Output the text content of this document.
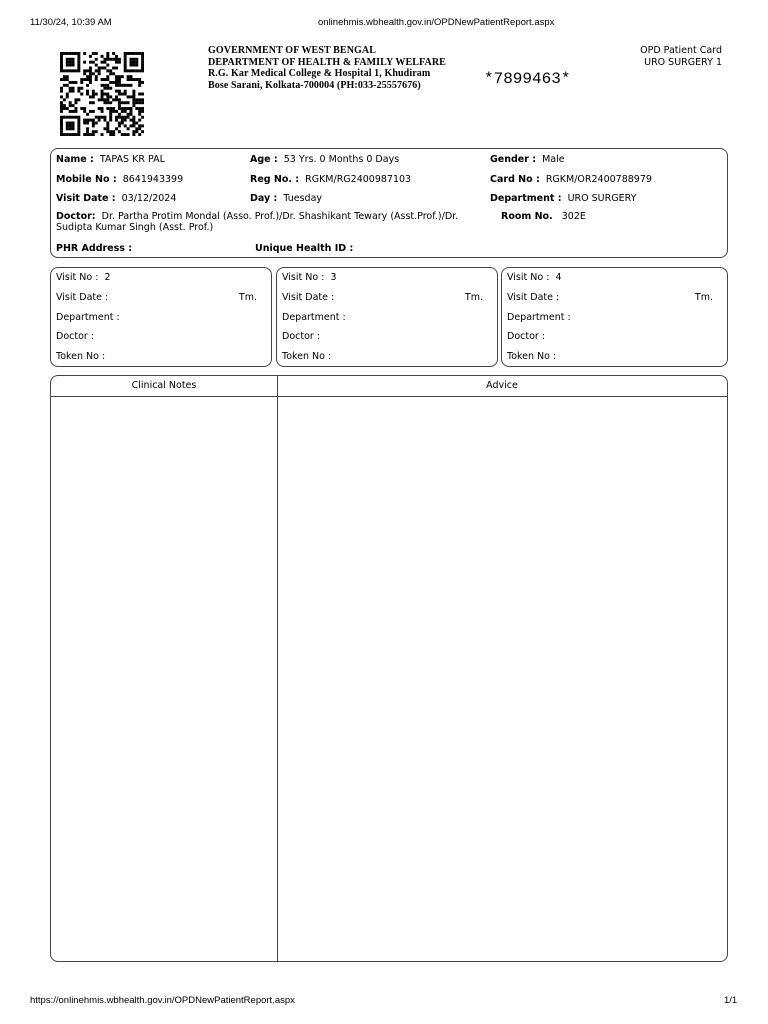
11/30/24, 10:39 AM	onlinehmis.wbhealth.gov.in/OPDNewPatientReport.aspx
GOVERNMENT OF WEST BENGAL
DEPARTMENT OF HEALTH & FAMILY WELFARE
R.G. Kar Medical College & Hospital 1, Khudiram
Bose Sarani, Kolkata-700004 (PH:033-25557676)	*7899463*
OPD Patient Card
URO SURGERY 1
Name : TAPAS KR PAL	Age : 53 Yrs. 0 Months 0 Days	Gender : Male
Mobile No : 8641943399	Reg No. : RGKM/RG2400987103	Card No : RGKM/OR2400788979
Visit Date : 03/12/2024	Day : Tuesday	Department : URO SURGERY
Doctor: Dr. Partha Protim Mondal (Asso. Prof.)/Dr. Shashikant Tewary (Asst.Prof.)/Dr. Sudipta Kumar Singh (Asst. Prof.)
Room No. 302E
PHR Address :	Unique Health ID :
Visit No : 2
Visit Date :	Tm.
Department :
Doctor :
Token No :
Visit No : 3
Visit Date :	Tm.
Department :
Doctor :
Token No :
Visit No : 4
Visit Date :	Tm.
Department :
Doctor :
Token No :
Clinical Notes	Advice
https://onlinehmis.wbhealth.gov.in/OPDNewPatientReport.aspx	1/1
